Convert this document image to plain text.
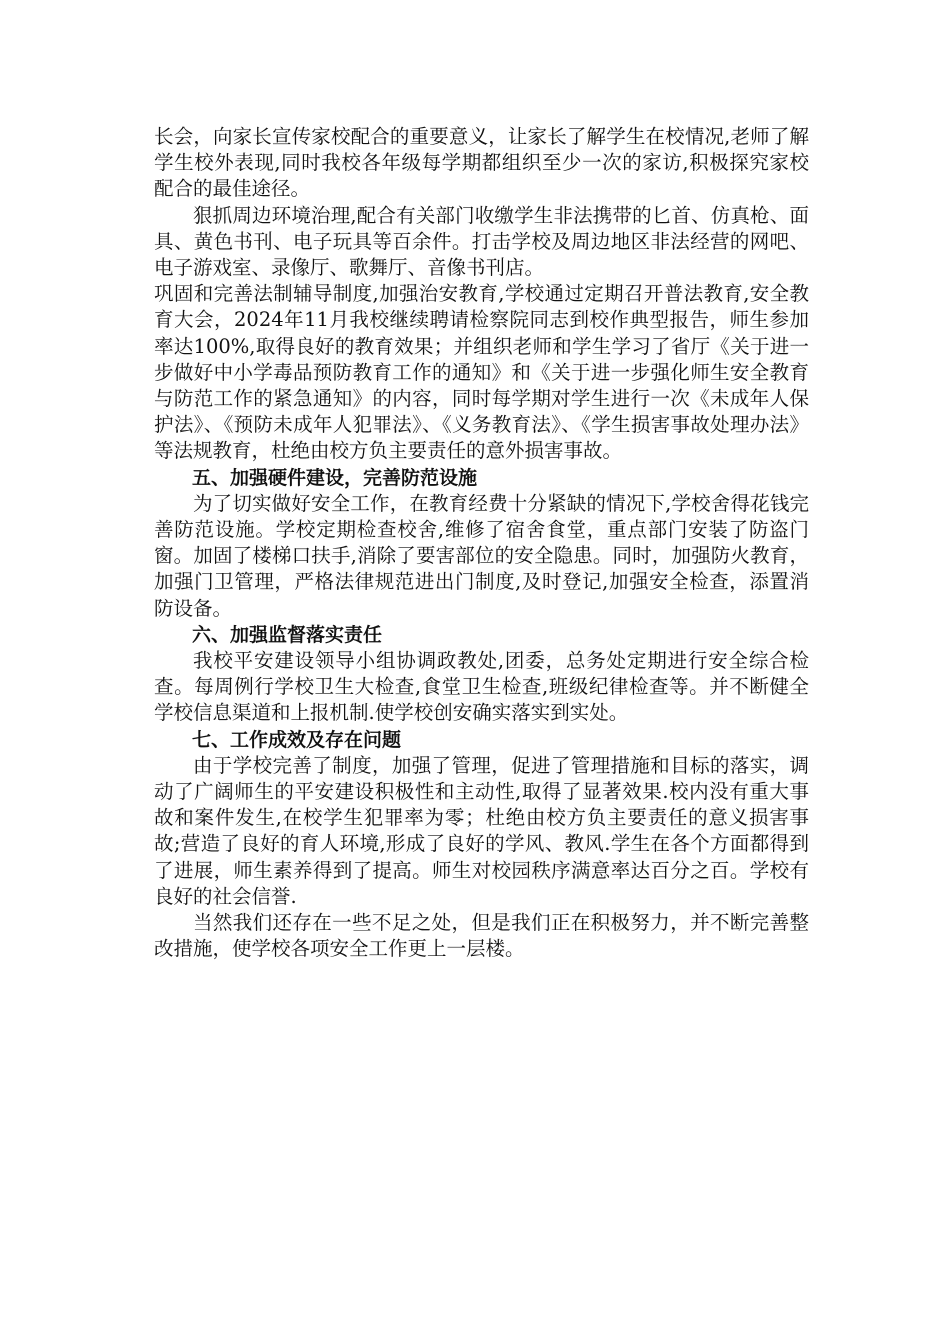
长会，向家长宣传家校配合的重要意义，让家长了解学生在校情况,老师了解学生校外表现,同时我校各年级每学期都组织至少一次的家访,积极探究家校配合的最佳途径。

狠抓周边环境治理,配合有关部门收缴学生非法携带的匕首、仿真枪、面具、黄色书刊、电子玩具等百余件。打击学校及周边地区非法经营的网吧、电子游戏室、录像厅、歌舞厅、音像书刊店。

巩固和完善法制辅导制度,加强治安教育,学校通过定期召开普法教育,安全教育大会，2024年11月我校继续聘请检察院同志到校作典型报告，师生参加率达100%,取得良好的教育效果；并组织老师和学生学习了省厅《关于进一步做好中小学毒品预防教育工作的通知》和《关于进一步强化师生安全教育与防范工作的紧急通知》的内容，同时每学期对学生进行一次《未成年人保护法》、《预防未成年人犯罪法》、《义务教育法》、《学生损害事故处理办法》等法规教育，杜绝由校方负主要责任的意外损害事故。

五、加强硬件建设，完善防范设施

为了切实做好安全工作，在教育经费十分紧缺的情况下,学校舍得花钱完善防范设施。学校定期检查校舍,维修了宿舍食堂，重点部门安装了防盗门窗。加固了楼梯口扶手,消除了要害部位的安全隐患。同时，加强防火教育，加强门卫管理，严格法律规范进出门制度,及时登记,加强安全检查，添置消防设备。

六、加强监督落实责任

我校平安建设领导小组协调政教处,团委，总务处定期进行安全综合检查。每周例行学校卫生大检查,食堂卫生检查,班级纪律检查等。并不断健全学校信息渠道和上报机制.使学校创安确实落实到实处。

七、工作成效及存在问题

由于学校完善了制度，加强了管理，促进了管理措施和目标的落实，调动了广阔师生的平安建设积极性和主动性,取得了显著效果.校内没有重大事故和案件发生,在校学生犯罪率为零；杜绝由校方负主要责任的意义损害事故;营造了良好的育人环境,形成了良好的学风、教风.学生在各个方面都得到了进展，师生素养得到了提高。师生对校园秩序满意率达百分之百。学校有良好的社会信誉.

当然我们还存在一些不足之处，但是我们正在积极努力，并不断完善整改措施，使学校各项安全工作更上一层楼。
